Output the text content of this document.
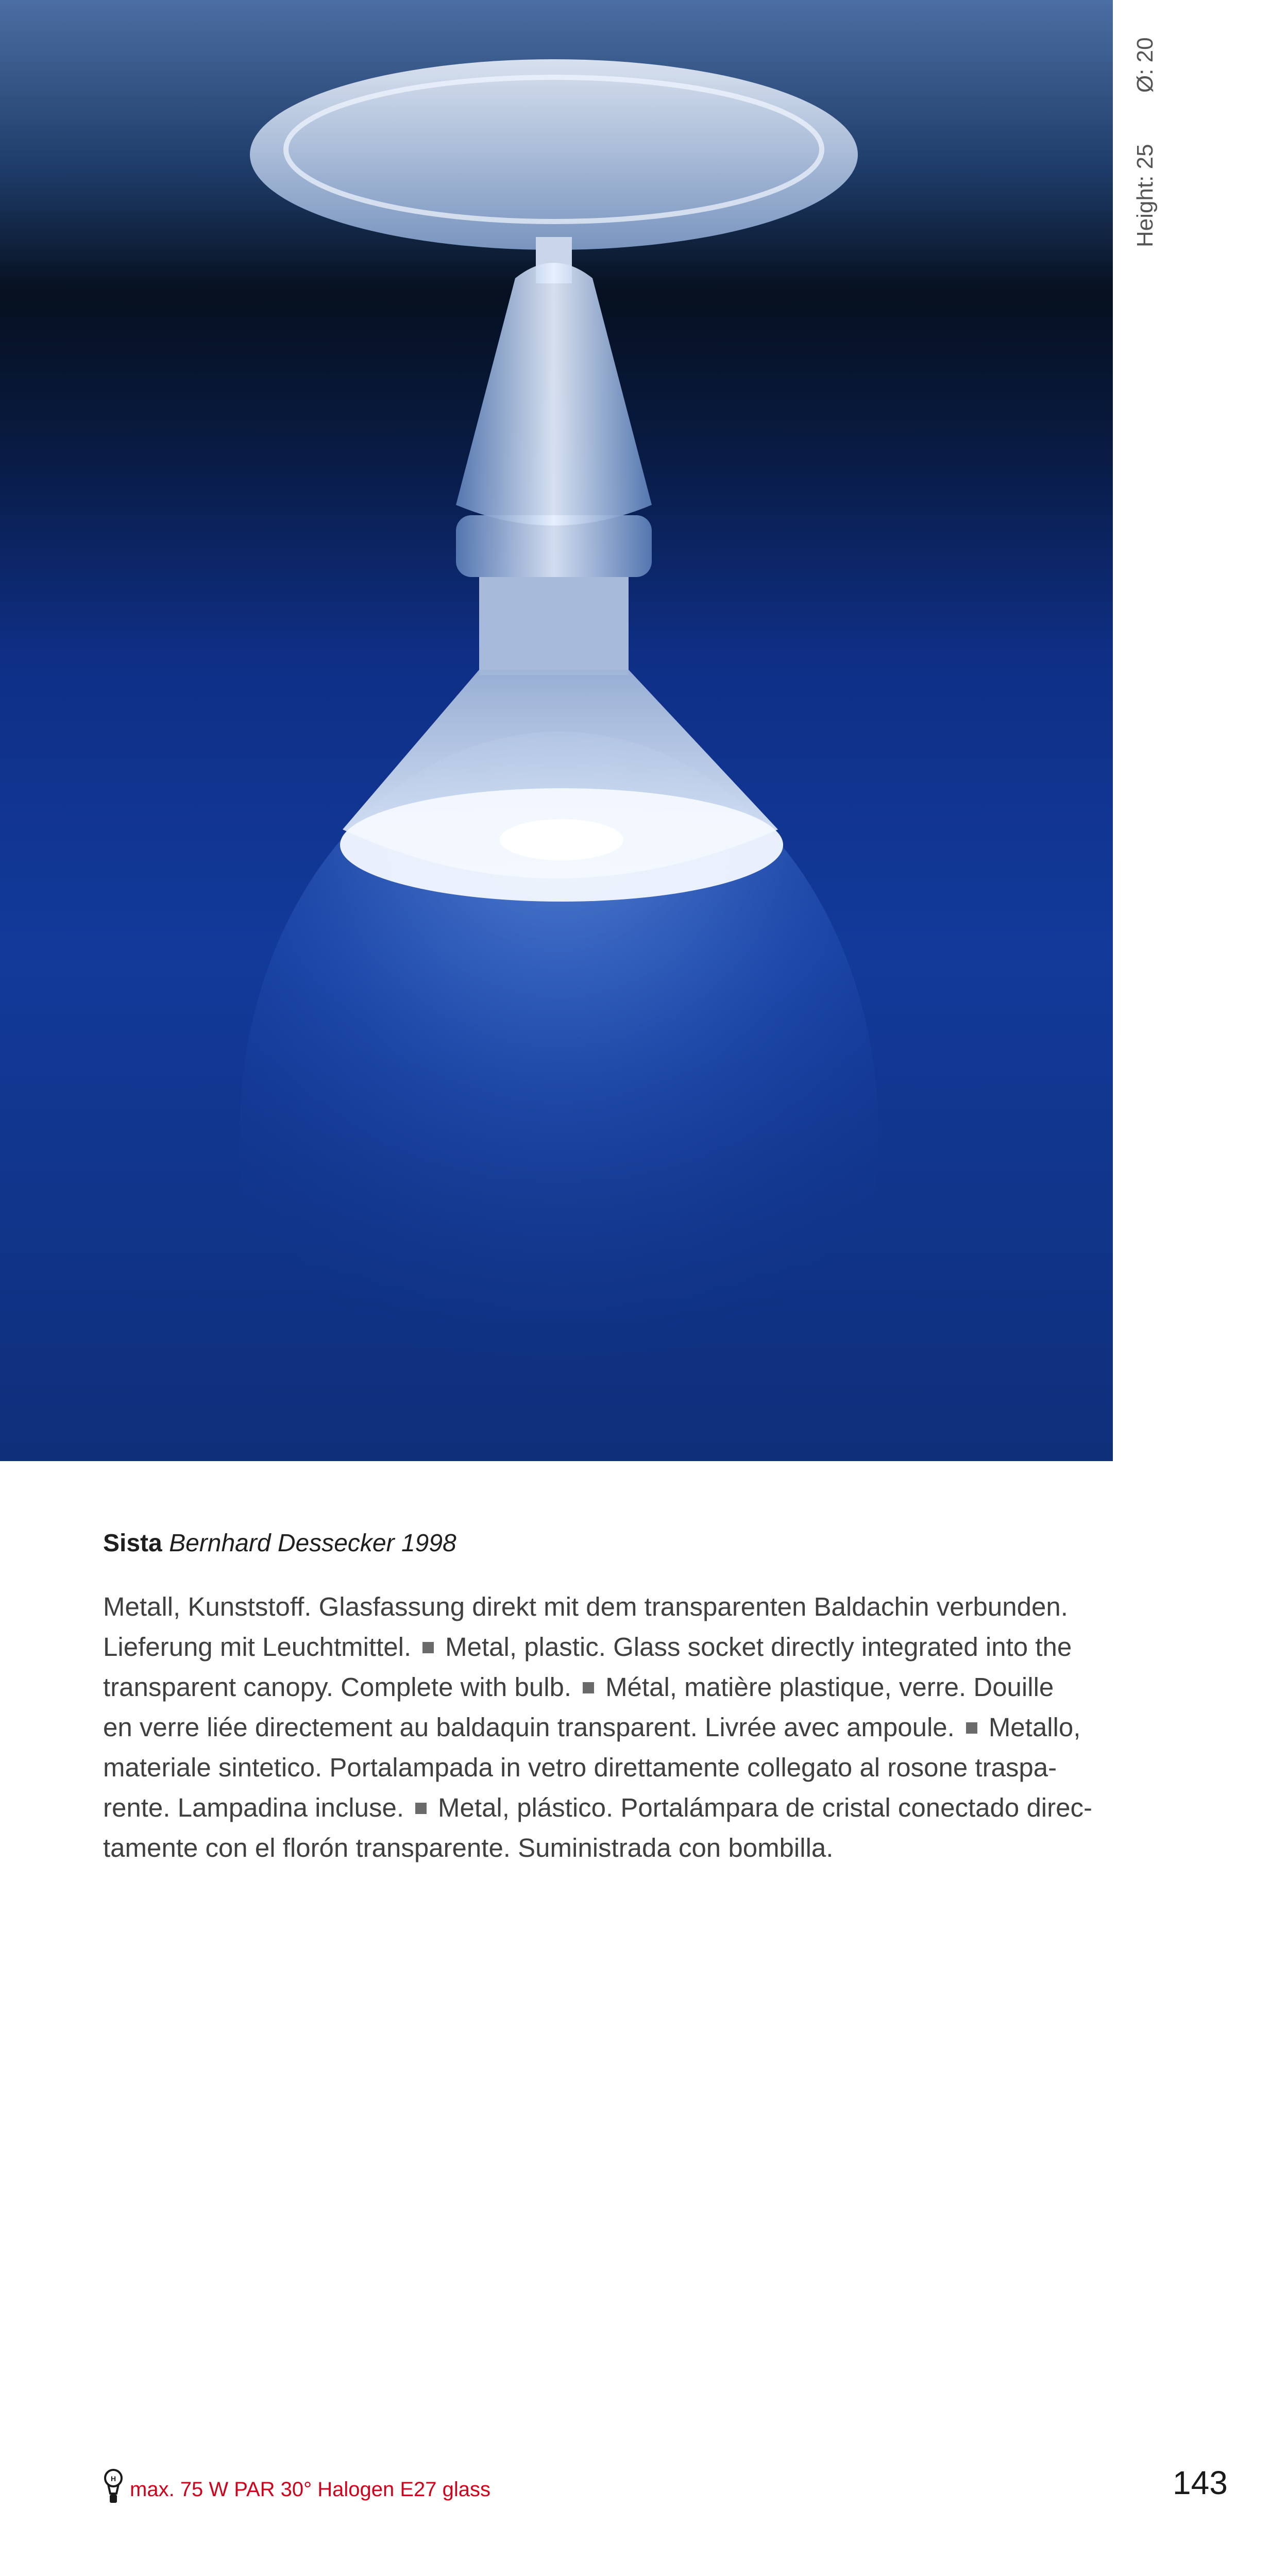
Height: 25
Ø: 20
Sista Bernhard Dessecker 1998
Metall, Kunststoff. Glasfassung direkt mit dem transparenten Baldachin verbunden.
Lieferung mit Leuchtmittel. Metal, plastic. Glass socket directly integrated into the
transparent canopy. Complete with bulb. Métal, matière plastique, verre. Douille
en verre liée directement au baldaquin transparent. Livrée avec ampoule. Metallo,
materiale sintetico. Portalampada in vetro direttamente collegato al rosone traspa-
rente. Lampadina incluse. Metal, plástico. Portalámpara de cristal conectado direc-
tamente con el florón transparente. Suministrada con bombilla.
H max. 75 W PAR 30° Halogen E27 glass	143
